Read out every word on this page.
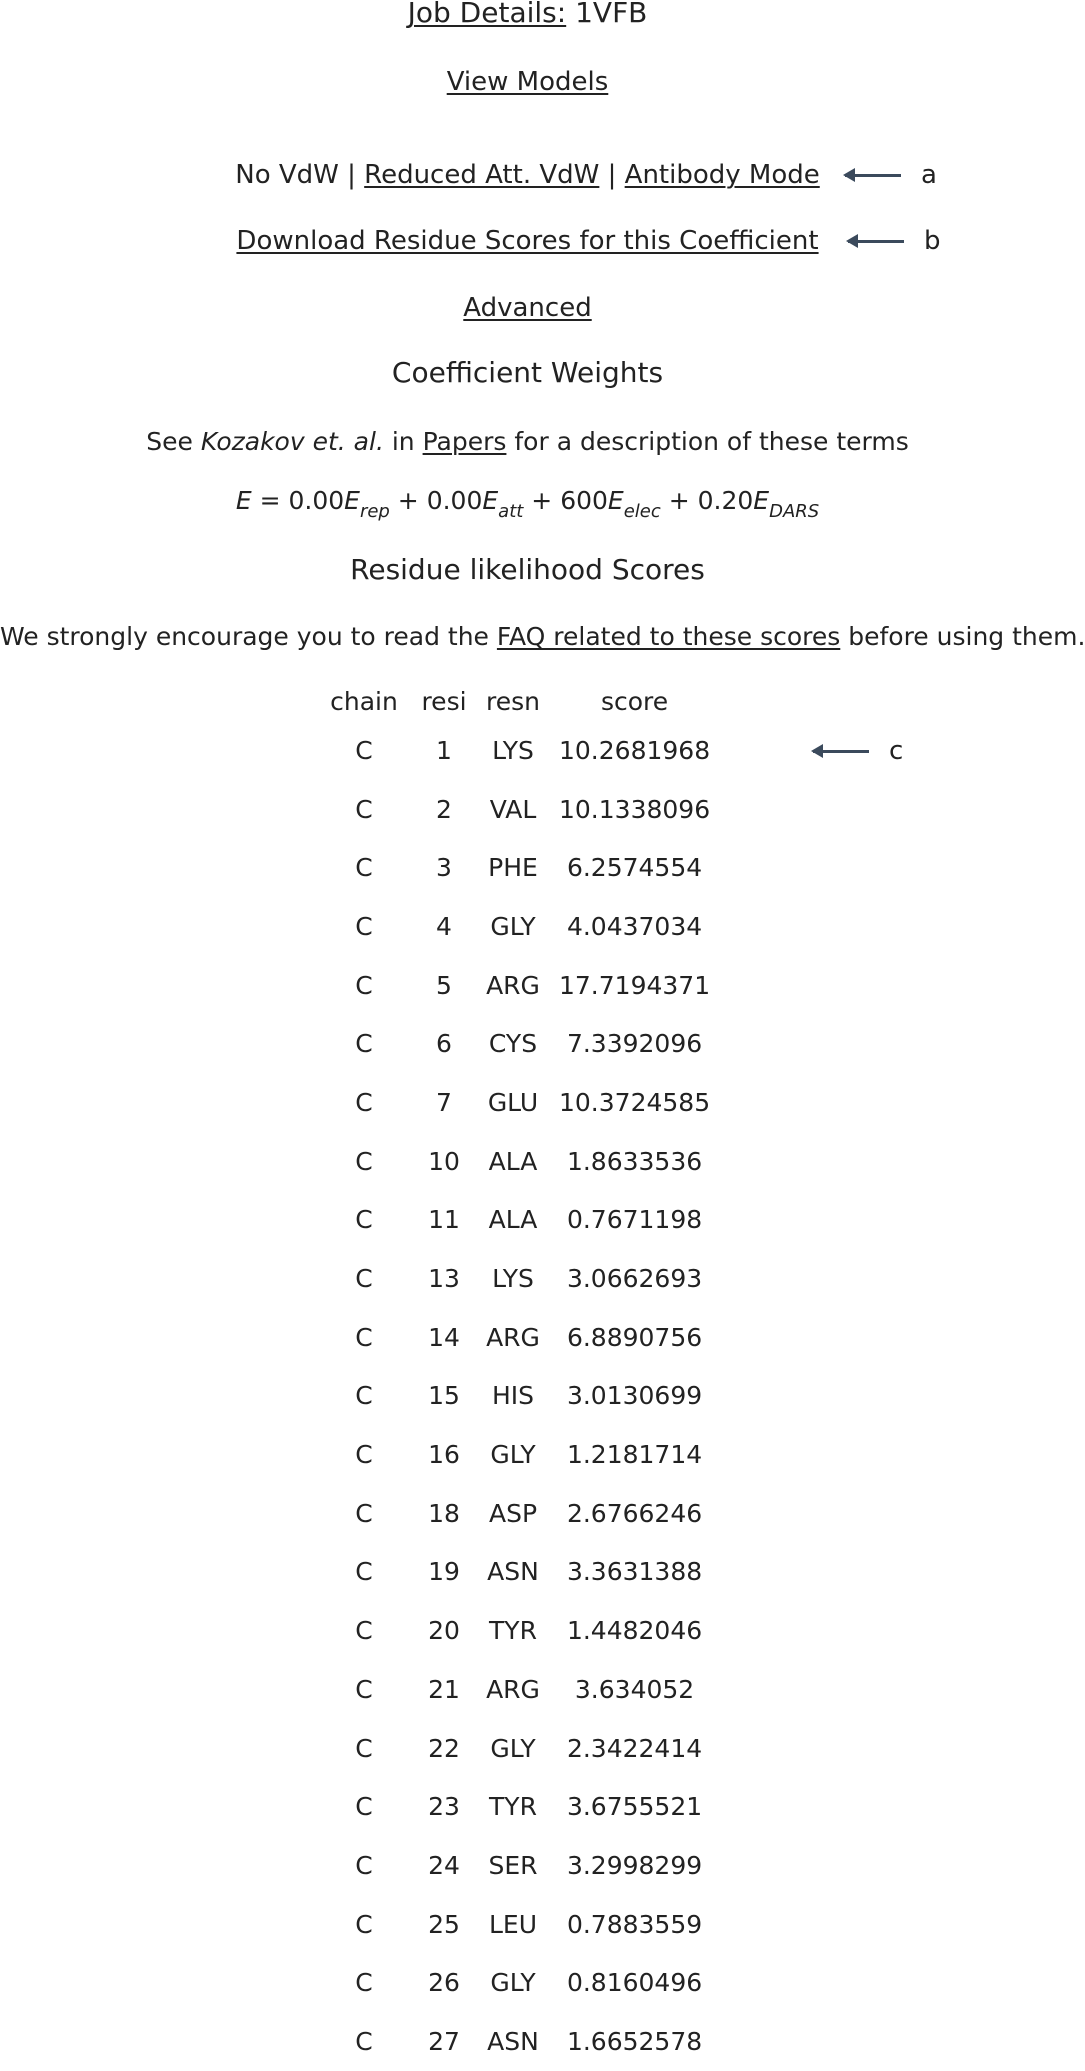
Job Details: 1VFB
View Models
No VdW | Reduced Att. VdW | Antibody Mode	a
Download Residue Scores for this Coefficient	b
Advanced
Coefficient Weights
See Kozakov et. al. in Papers for a description of these terms
$E = 0.00E_{rep} + 0.00E_{att} + 600E_{elec} + 0.20E_{DARS}$
Residue likelihood Scores
We strongly encourage you to read the FAQ related to these scores before using them.
chain	resi	resn	score
C	1	LYS	10.2681968
C	2	VAL	10.1338096
C	3	PHE	6.2574554
C	4	GLY	4.0437034
C	5	ARG	17.7194371
C	6	CYS	7.3392096
C	7	GLU	10.3724585
C	10	ALA	1.8633536
C	11	ALA	0.7671198
C	13	LYS	3.0662693
C	14	ARG	6.8890756
C	15	HIS	3.0130699
C	16	GLY	1.2181714
C	18	ASP	2.6766246
C	19	ASN	3.3631388
C	20	TYR	1.4482046
C	21	ARG	3.634052
C	22	GLY	2.3422414
C	23	TYR	3.6755521
C	24	SER	3.2998299
C	25	LEU	0.7883559
C	26	GLY	0.8160496
C	27	ASN	1.6652578
c
